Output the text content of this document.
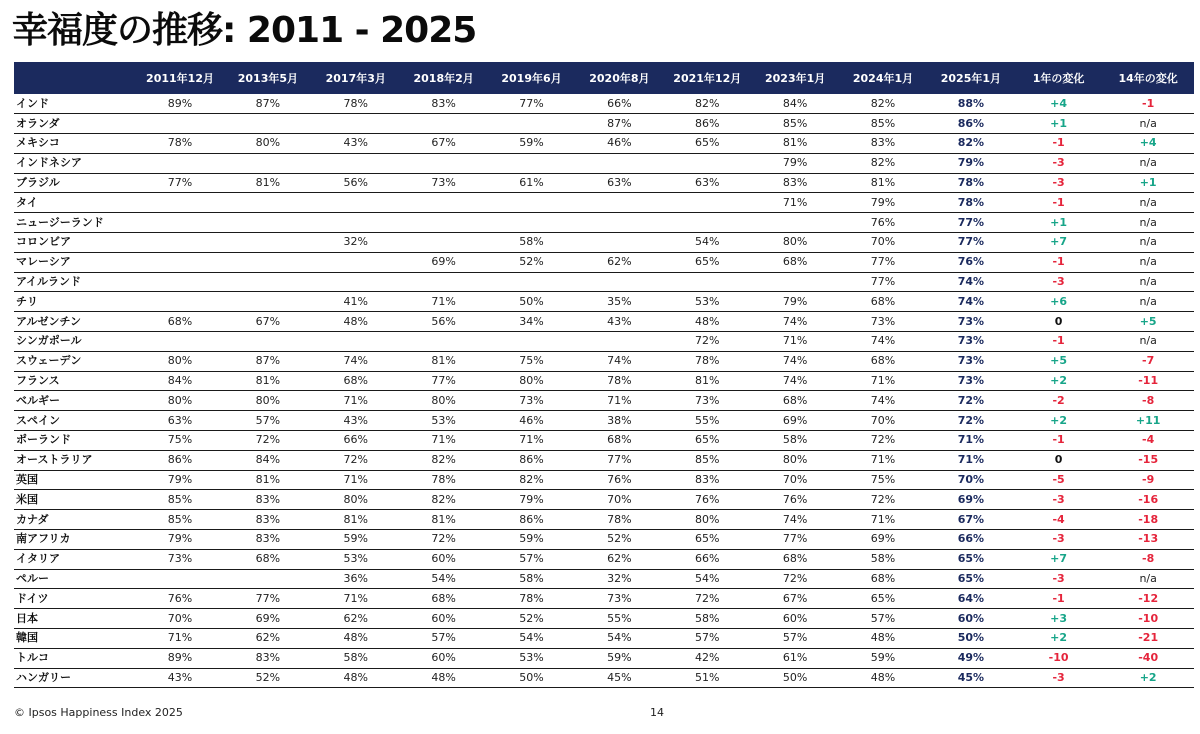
幸福度の推移: 2011 - 2025
	2011年12月	2013年5月	2017年3月	2018年2月	2019年6月	2020年8月	2021年12月	2023年1月	2024年1月	2025年1月	1年の変化	14年の変化
インド	89%	87%	78%	83%	77%	66%	82%	84%	82%	88%	+4	-1
オランダ						87%	86%	85%	85%	86%	+1	n/a
メキシコ	78%	80%	43%	67%	59%	46%	65%	81%	83%	82%	-1	+4
インドネシア								79%	82%	79%	-3	n/a
ブラジル	77%	81%	56%	73%	61%	63%	63%	83%	81%	78%	-3	+1
タイ								71%	79%	78%	-1	n/a
ニュージーランド									76%	77%	+1	n/a
コロンビア			32%		58%		54%	80%	70%	77%	+7	n/a
マレーシア				69%	52%	62%	65%	68%	77%	76%	-1	n/a
アイルランド									77%	74%	-3	n/a
チリ			41%	71%	50%	35%	53%	79%	68%	74%	+6	n/a
アルゼンチン	68%	67%	48%	56%	34%	43%	48%	74%	73%	73%	0	+5
シンガポール							72%	71%	74%	73%	-1	n/a
スウェーデン	80%	87%	74%	81%	75%	74%	78%	74%	68%	73%	+5	-7
フランス	84%	81%	68%	77%	80%	78%	81%	74%	71%	73%	+2	-11
ベルギー	80%	80%	71%	80%	73%	71%	73%	68%	74%	72%	-2	-8
スペイン	63%	57%	43%	53%	46%	38%	55%	69%	70%	72%	+2	+11
ポーランド	75%	72%	66%	71%	71%	68%	65%	58%	72%	71%	-1	-4
オーストラリア	86%	84%	72%	82%	86%	77%	85%	80%	71%	71%	0	-15
英国	79%	81%	71%	78%	82%	76%	83%	70%	75%	70%	-5	-9
米国	85%	83%	80%	82%	79%	70%	76%	76%	72%	69%	-3	-16
カナダ	85%	83%	81%	81%	86%	78%	80%	74%	71%	67%	-4	-18
南アフリカ	79%	83%	59%	72%	59%	52%	65%	77%	69%	66%	-3	-13
イタリア	73%	68%	53%	60%	57%	62%	66%	68%	58%	65%	+7	-8
ペルー			36%	54%	58%	32%	54%	72%	68%	65%	-3	n/a
ドイツ	76%	77%	71%	68%	78%	73%	72%	67%	65%	64%	-1	-12
日本	70%	69%	62%	60%	52%	55%	58%	60%	57%	60%	+3	-10
韓国	71%	62%	48%	57%	54%	54%	57%	57%	48%	50%	+2	-21
トルコ	89%	83%	58%	60%	53%	59%	42%	61%	59%	49%	-10	-40
ハンガリー	43%	52%	48%	48%	50%	45%	51%	50%	48%	45%	-3	+2
© Ipsos Happiness Index 2025	14
